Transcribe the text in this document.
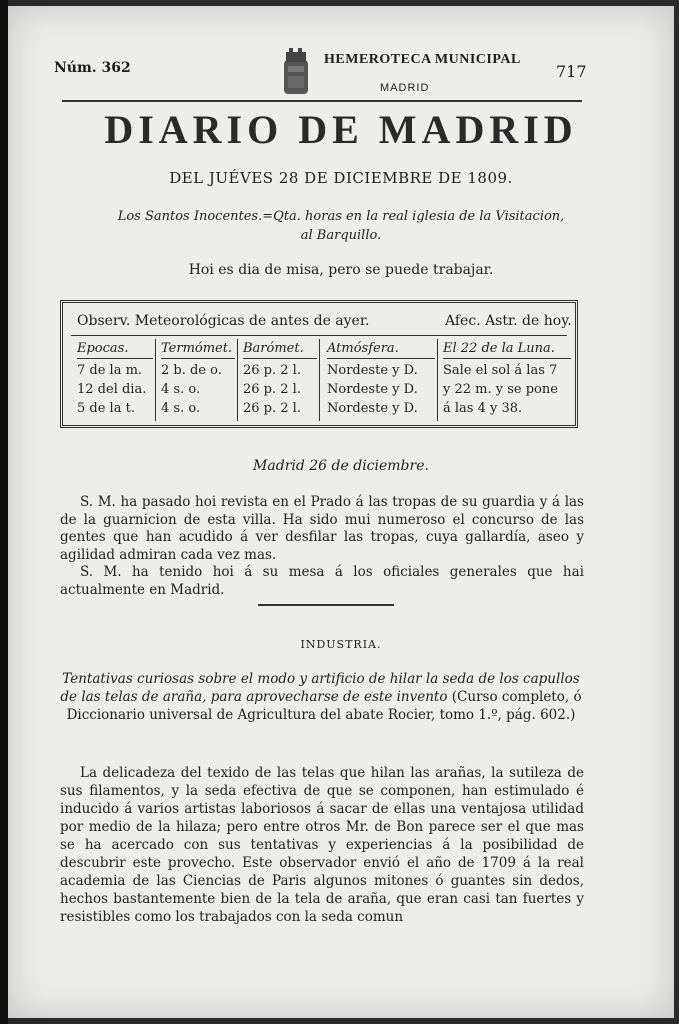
Núm. 362
HEMEROTECA MUNICIPAL
MADRID
717
DIARIO DE MADRID
DEL JUÉVES 28 DE DICIEMBRE DE 1809.
Los Santos Inocentes.=Qta. horas en la real iglesia de la Visitacion,
al Barquillo.
Hoi es dia de misa, pero se puede trabajar.
Observ. Meteorológicas de antes de ayer.	Afec. Astr. de hoy.
Epocas.
7 de la m.
12 del dia.
5 de la t.
Termómet.
2 b. de o.
4 s. o.
4 s. o.
Barómet.
26 p. 2 l.
26 p. 2 l.
26 p. 2 l.
Atmósfera.
Nordeste y D.
Nordeste y D.
Nordeste y D.
El 22 de la Luna.
Sale el sol á las 7
y 22 m. y se pone
á las 4 y 38.
Madrid 26 de diciembre.
S. M. ha pasado hoi revista en el Prado á las tropas de su guardia y á las de la guarnicion de esta villa. Ha sido mui numeroso el concurso de las gentes que han acudido á ver desfilar las tropas, cuya gallardía, aseo y agilidad admiran cada vez mas.
S. M. ha tenido hoi á su mesa á los oficiales generales que hai actualmente en Madrid.
INDUSTRIA.
Tentativas curiosas sobre el modo y artificio de hilar la seda de los capullos de las telas de araña, para aprovecharse de este invento (Curso completo, ó Diccionario universal de Agricultura del abate Rocier, tomo 1.º, pág. 602.)
La delicadeza del texido de las telas que hilan las arañas, la sutileza de sus filamentos, y la seda efectiva de que se componen, han estimulado é inducido á varios artistas laboriosos á sacar de ellas una ventajosa utilidad por medio de la hilaza; pero entre otros Mr. de Bon parece ser el que mas se ha acercado con sus tentativas y experiencias á la posibilidad de descubrir este provecho. Este observador envió el año de 1709 á la real academia de las Ciencias de Paris algunos mitones ó guantes sin dedos, hechos bastantemente bien de la tela de araña, que eran casi tan fuertes y resistibles como los trabajados con la seda comun
